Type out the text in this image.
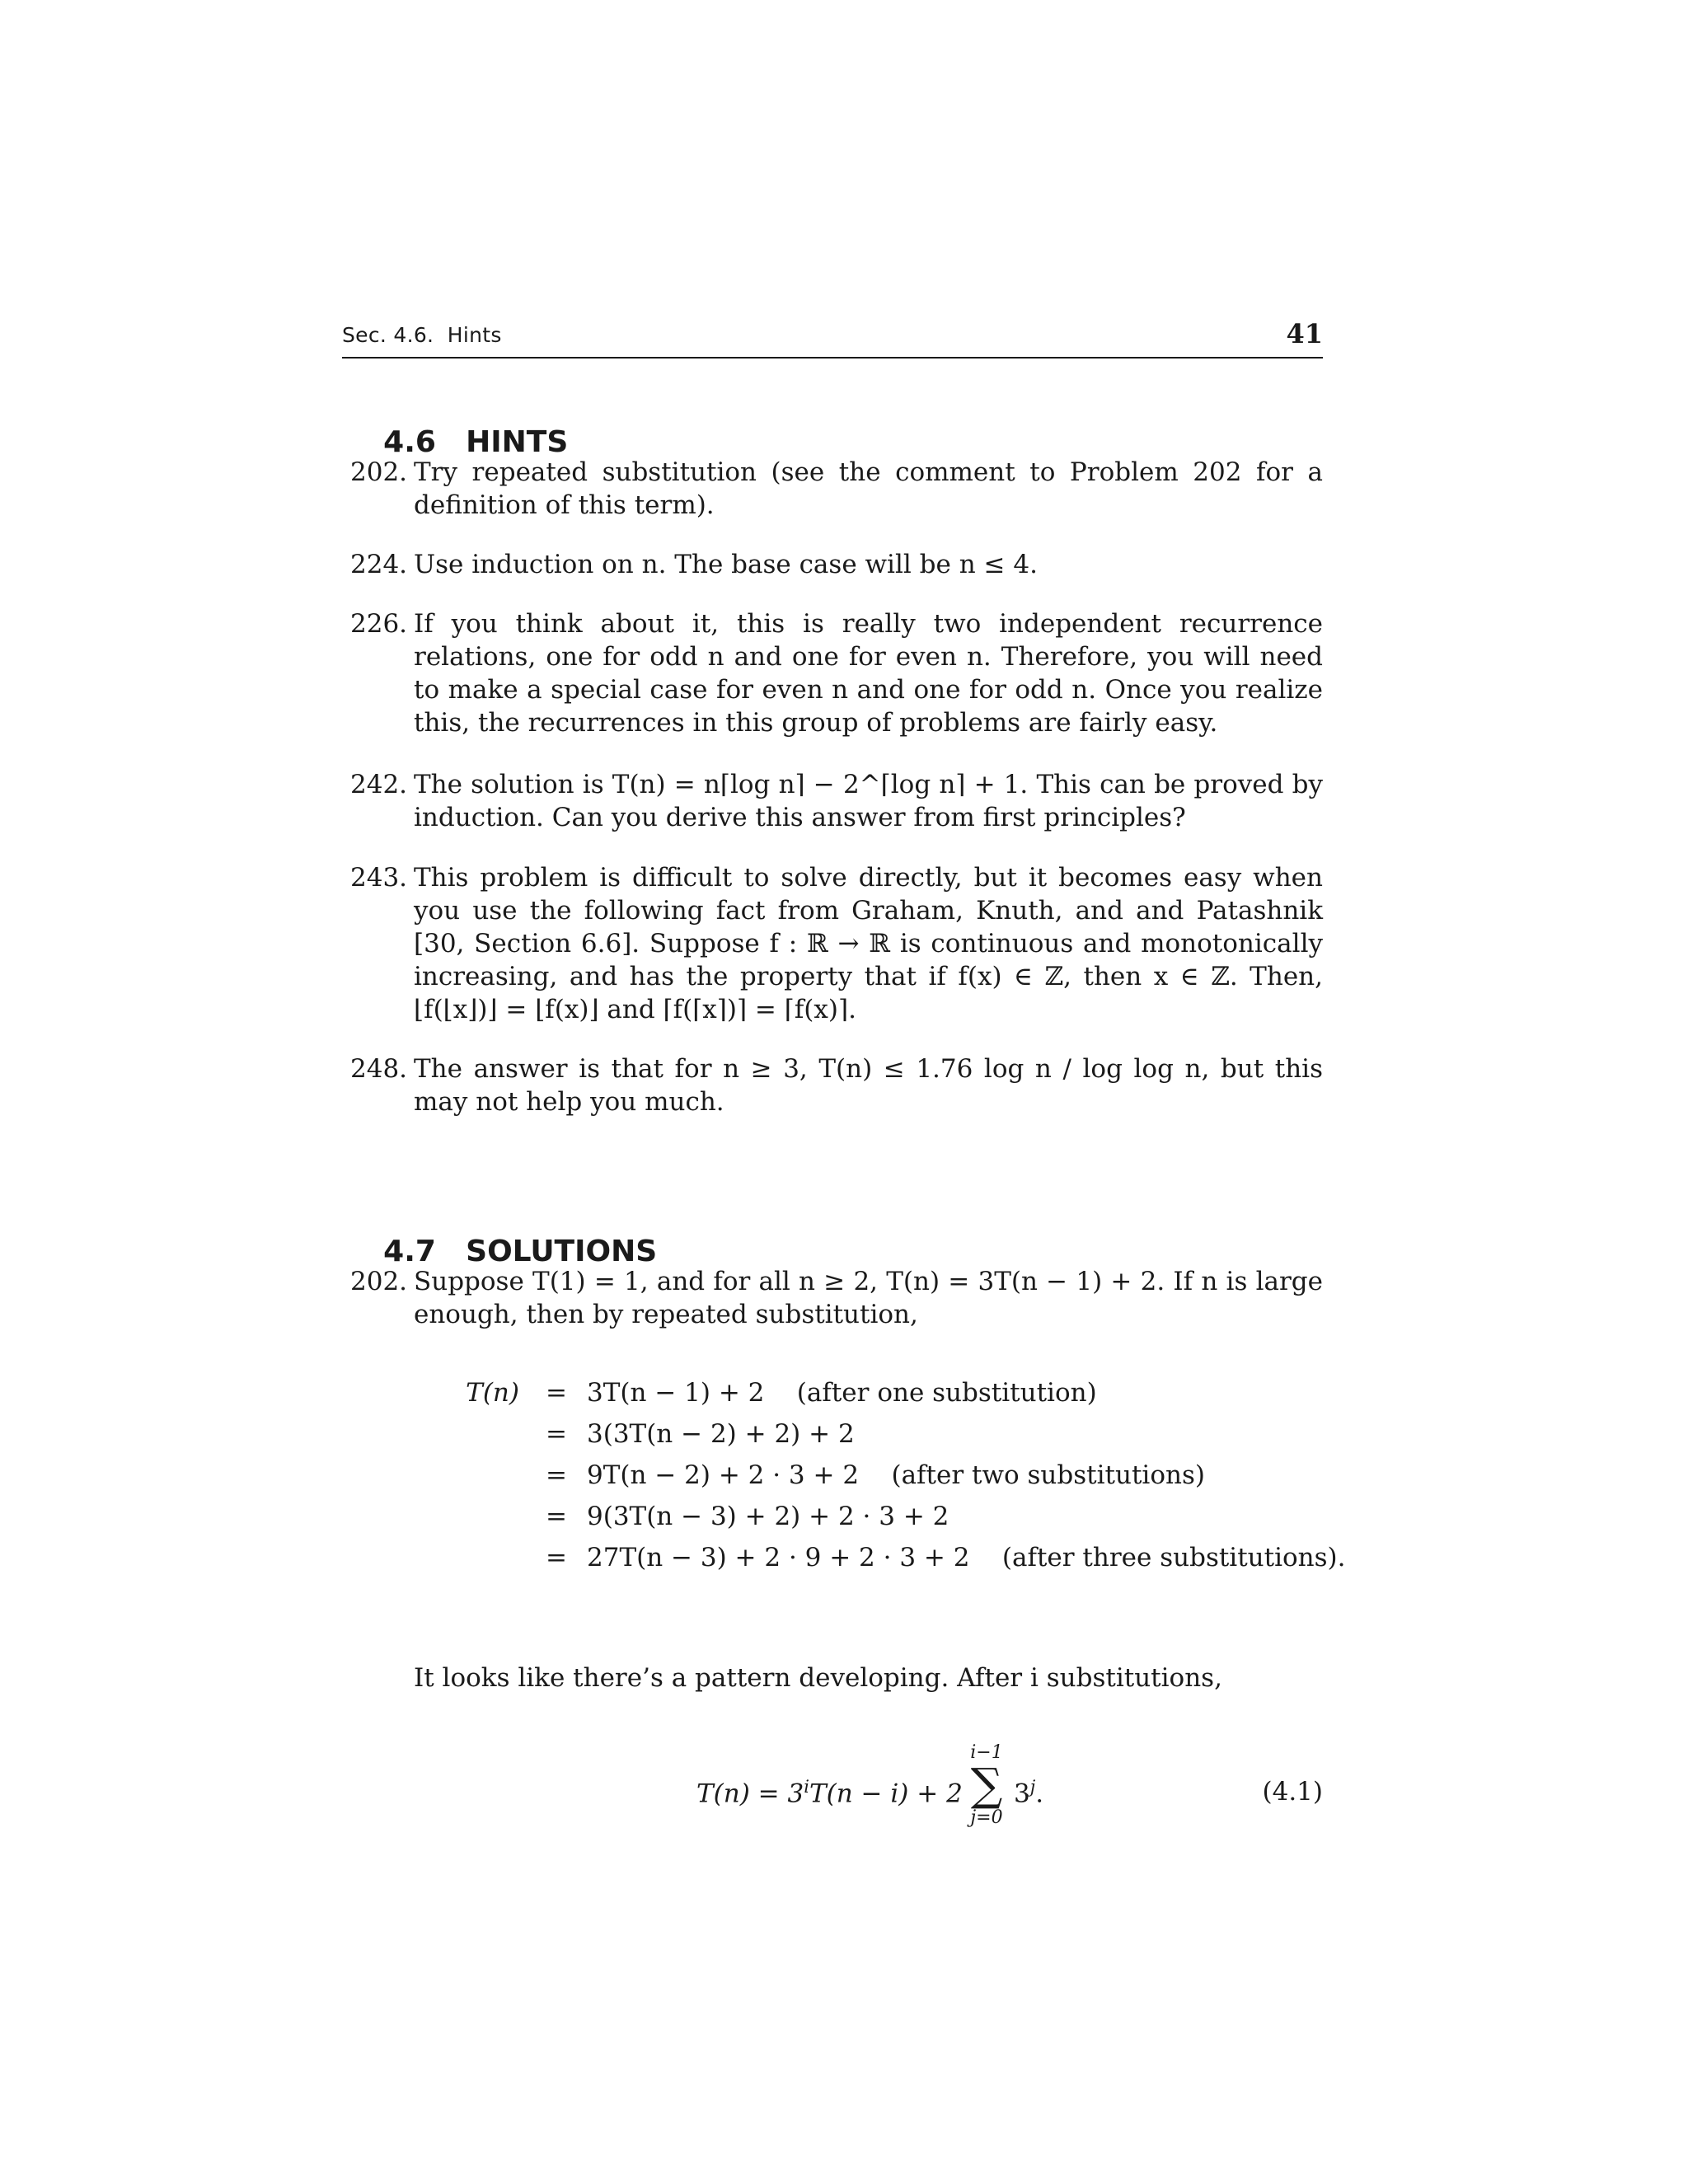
Sec. 4.6.  Hints	41

4.6 HINTS

202. Try repeated substitution (see the comment to Problem 202 for a definition of this term).
224. Use induction on n. The base case will be n ≤ 4.
226. If you think about it, this is really two independent recurrence relations, one for odd n and one for even n. Therefore, you will need to make a special case for even n and one for odd n. Once you realize this, the recurrences in this group of problems are fairly easy.
242. The solution is T(n) = n⌈log n⌉ − 2^⌈log n⌉ + 1. This can be proved by induction. Can you derive this answer from first principles?
243. This problem is difficult to solve directly, but it becomes easy when you use the following fact from Graham, Knuth, and and Patashnik [30, Section 6.6]. Suppose f : ℝ → ℝ is continuous and monotonically increasing, and has the property that if f(x) ∈ ℤ, then x ∈ ℤ. Then, ⌊f(⌊x⌋)⌋ = ⌊f(x)⌋ and ⌈f(⌈x⌉)⌉ = ⌈f(x)⌉.
248. The answer is that for n ≥ 3, T(n) ≤ 1.76 log n / log log n, but this may not help you much.

4.7 SOLUTIONS

202. Suppose T(1) = 1, and for all n ≥ 2, T(n) = 3T(n − 1) + 2. If n is large enough, then by repeated substitution,
T(n)	= 3T(n − 1) + 2 (after one substitution)
= 3(3T(n − 2) + 2) + 2
= 9T(n − 2) + 2 · 3 + 2 (after two substitutions)
= 9(3T(n − 3) + 2) + 2 · 3 + 2
= 27T(n − 3) + 2 · 9 + 2 · 3 + 2 (after three substitutions).
It looks like there’s a pattern developing. After i substitutions,
$T(n) = 3^iT(n - i) + 2$
i−1
∑
j=0
3$^j$.	(4.1)
